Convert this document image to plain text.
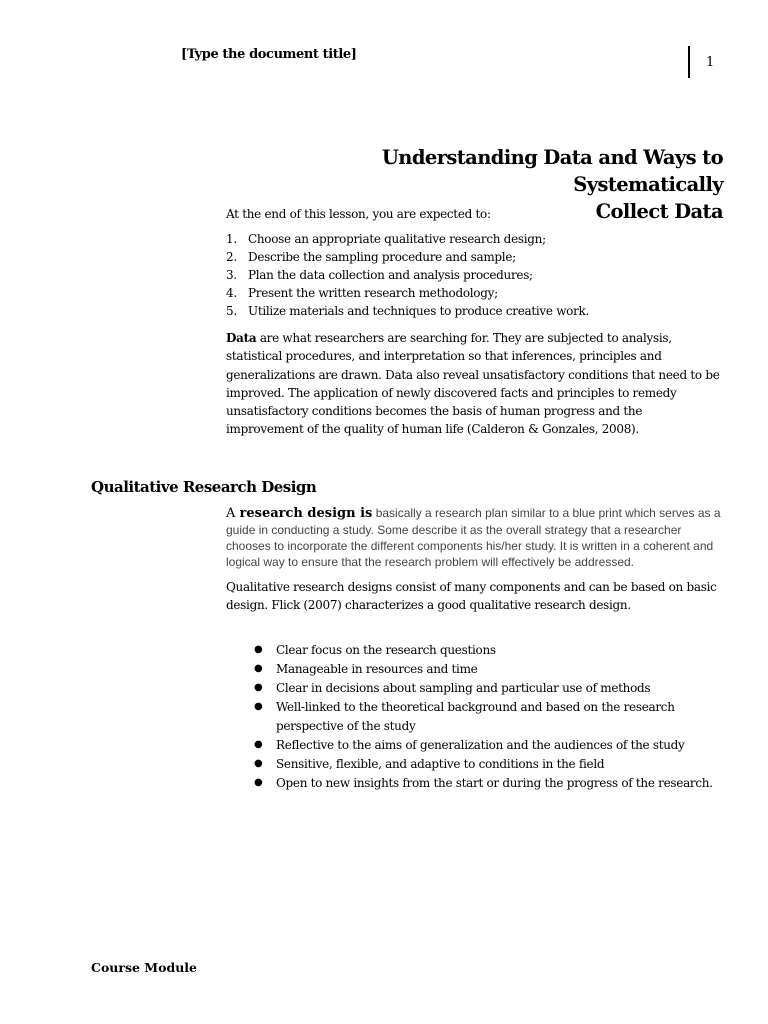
[Type the document title]
1
Understanding Data and Ways to Systematically
Collect Data
At the end of this lesson, you are expected to:
1. Choose an appropriate qualitative research design;
2. Describe the sampling procedure and sample;
3. Plan the data collection and analysis procedures;
4. Present the written research methodology;
5. Utilize materials and techniques to produce creative work.

Data are what researchers are searching for. They are subjected to analysis, statistical procedures, and interpretation so that inferences, principles and generalizations are drawn. Data also reveal unsatisfactory conditions that need to be improved. The application of newly discovered facts and principles to remedy unsatisfactory conditions becomes the basis of human progress and the improvement of the quality of human life (Calderon & Gonzales, 2008).

Qualitative Research Design

A research design is basically a research plan similar to a blue print which serves as a guide in conducting a study. Some describe it as the overall strategy that a researcher chooses to incorporate the different components his/her study. It is written in a coherent and logical way to ensure that the research problem will effectively be addressed.

Qualitative research designs consist of many components and can be based on basic design. Flick (2007) characterizes a good qualitative research design.

●	Clear focus on the research questions
●	Manageable in resources and time
●	Clear in decisions about sampling and particular use of methods
●	Well-linked to the theoretical background and based on the research perspective of the study
●	Reflective to the aims of generalization and the audiences of the study
●	Sensitive, flexible, and adaptive to conditions in the field
●	Open to new insights from the start or during the progress of the research.
Course Module
